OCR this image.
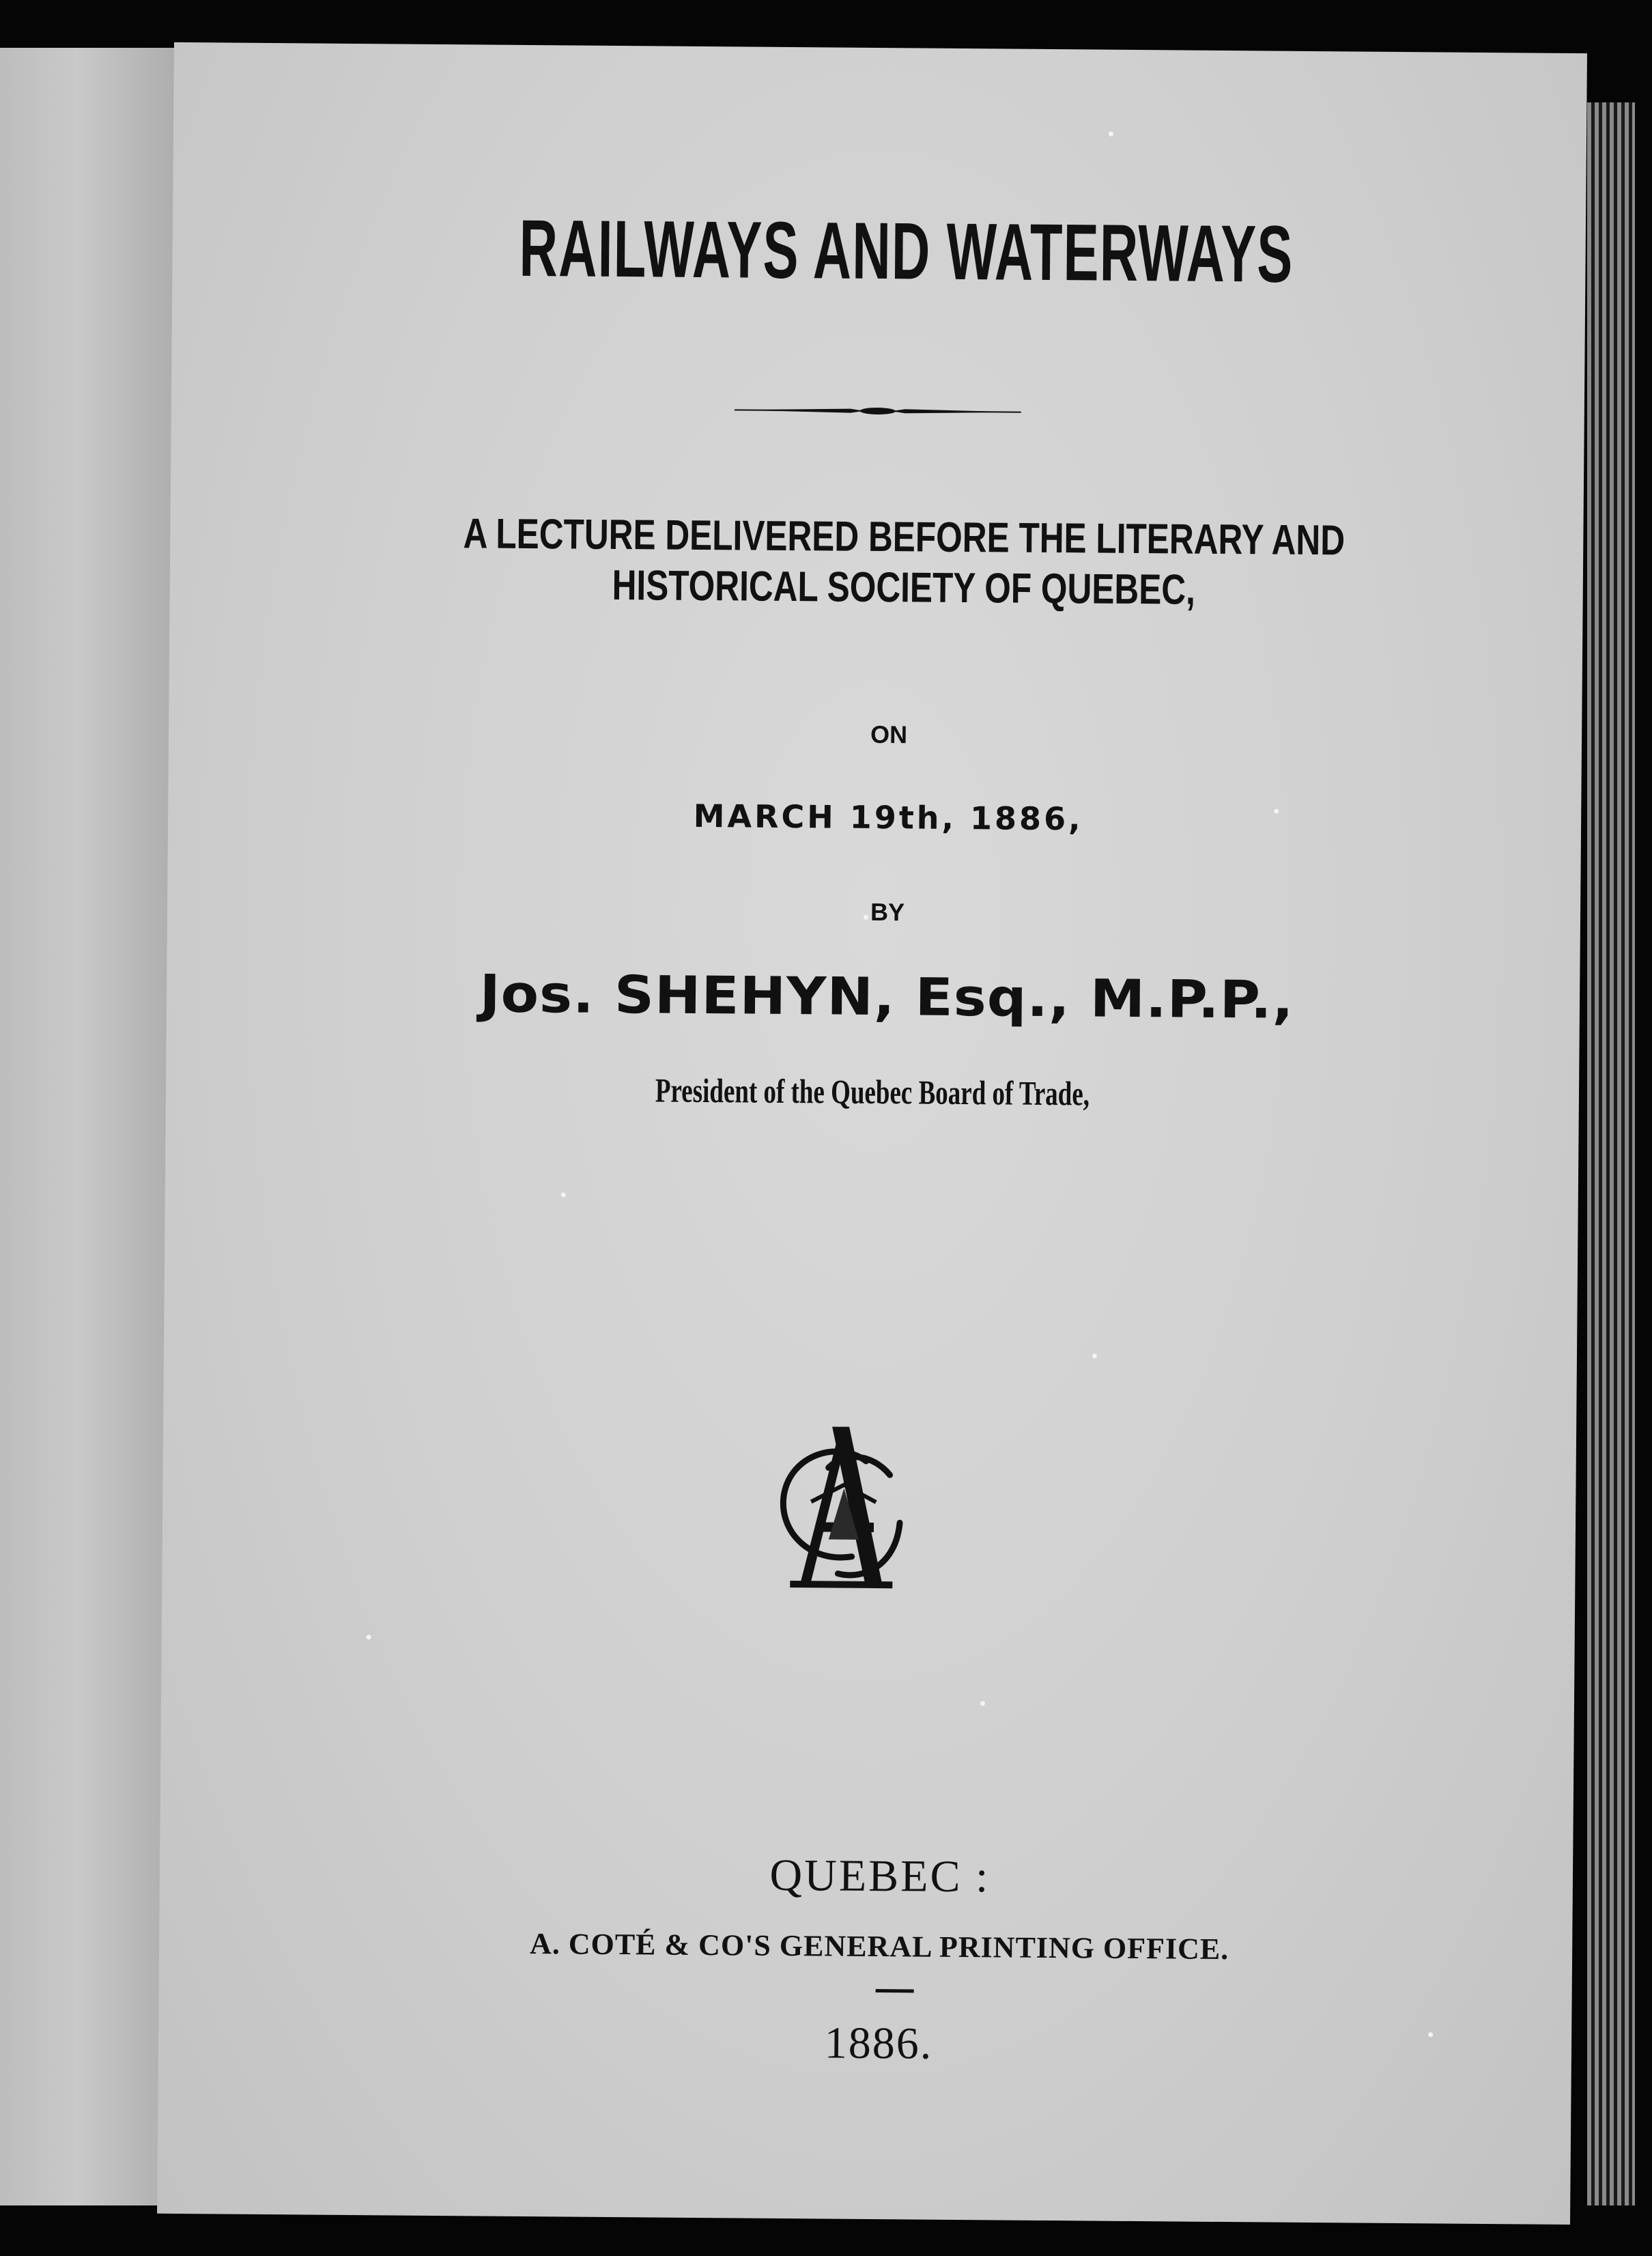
RAILWAYS AND WATERWAYS
A LECTURE DELIVERED BEFORE THE LITERARY AND
HISTORICAL SOCIETY OF QUEBEC,
ON
MARCH 19th, 1886,
BY
Jos. SHEHYN, Esq., M.P.P.,
President of the Quebec Board of Trade,
QUEBEC :
A. COTÉ & CO'S GENERAL PRINTING OFFICE.
1886.
